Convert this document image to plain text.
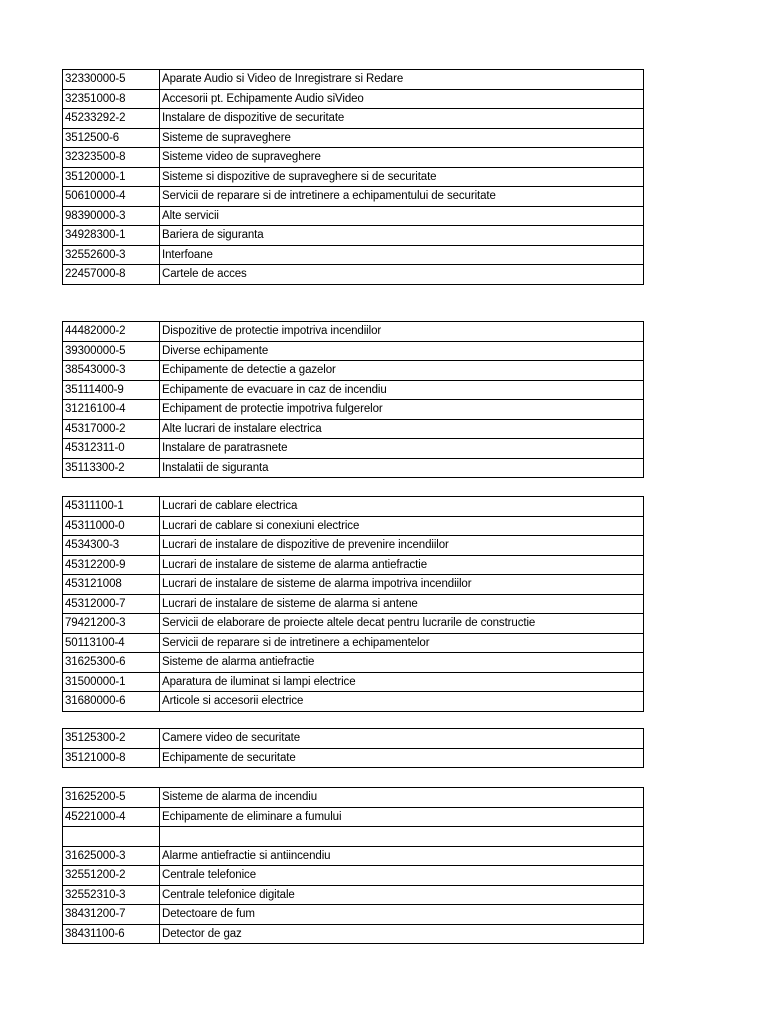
32330000-5	Aparate Audio si Video de Inregistrare si Redare
32351000-8	Accesorii pt. Echipamente Audio siVideo
45233292-2	Instalare de dispozitive de securitate
3512500-6	Sisteme de supraveghere
32323500-8	Sisteme video de supraveghere
35120000-1	Sisteme si dispozitive de supraveghere si de securitate
50610000-4	Servicii de reparare si de intretinere a echipamentului de securitate
98390000-3	Alte servicii
34928300-1	Bariera de siguranta
32552600-3	Interfoane
22457000-8	Cartele de acces
44482000-2	Dispozitive de protectie impotriva incendiilor
39300000-5	Diverse echipamente
38543000-3	Echipamente de detectie a gazelor
35111400-9	Echipamente de evacuare in caz de incendiu
31216100-4	Echipament de protectie impotriva fulgerelor
45317000-2	Alte lucrari de instalare electrica
45312311-0	Instalare de paratrasnete
35113300-2	Instalatii de siguranta
45311100-1	Lucrari de cablare electrica
45311000-0	Lucrari de cablare si conexiuni electrice
4534300-3	Lucrari de instalare de dispozitive de prevenire incendiilor
45312200-9	Lucrari de instalare de sisteme de alarma antiefractie
453121008	Lucrari de instalare de sisteme de alarma impotriva incendiilor
45312000-7	Lucrari de instalare de sisteme de alarma si antene
79421200-3	Servicii de elaborare de proiecte altele decat pentru lucrarile de constructie
50113100-4	Servicii de reparare si de intretinere a echipamentelor
31625300-6	Sisteme de alarma antiefractie
31500000-1	Aparatura de iluminat si lampi electrice
31680000-6	Articole si accesorii electrice
35125300-2	Camere video de securitate
35121000-8	Echipamente de securitate
31625200-5	Sisteme de alarma de incendiu
45221000-4	Echipamente de eliminare a fumului

31625000-3	Alarme antiefractie si antiincendiu
32551200-2	Centrale telefonice
32552310-3	Centrale telefonice digitale
38431200-7	Detectoare de fum
38431100-6	Detector de gaz
